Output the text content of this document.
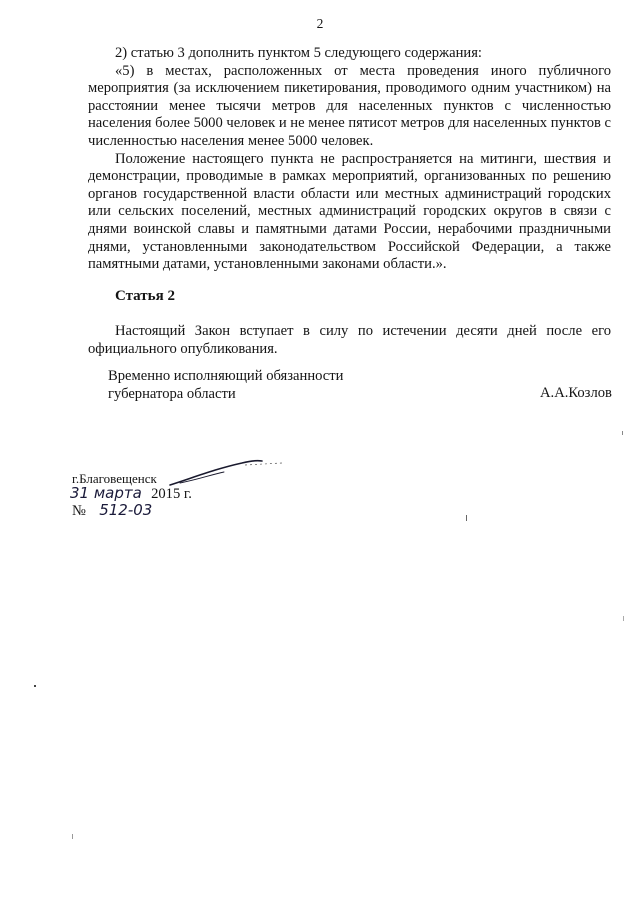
2

2) статью 3 дополнить пунктом 5 следующего содержания:

«5) в местах, расположенных от места проведения иного публичного мероприятия (за исключением пикетирования, проводимого одним участником) на расстоянии менее тысячи метров для населенных пунктов с численностью населения более 5000 человек и не менее пятисот метров для населенных пунктов с численностью населения менее 5000 человек.

Положение настоящего пункта не распространяется на митинги, шествия и демонстрации, проводимые в рамках мероприятий, организованных по решению органов государственной власти области или местных администраций городских или сельских поселений, местных администраций городских округов в связи с днями воинской славы и памятными датами России, нерабочими праздничными днями, установленными законодательством Российской Федерации, а также памятными датами, установленными законами области.».

Статья 2

Настоящий Закон вступает в силу по истечении десяти дней после его официального опубликования.

Временно исполняющий обязанности
губернатора области	А.А.Козлов
г.Благовещенск
31 марта 2015 г.
№ 512-03
